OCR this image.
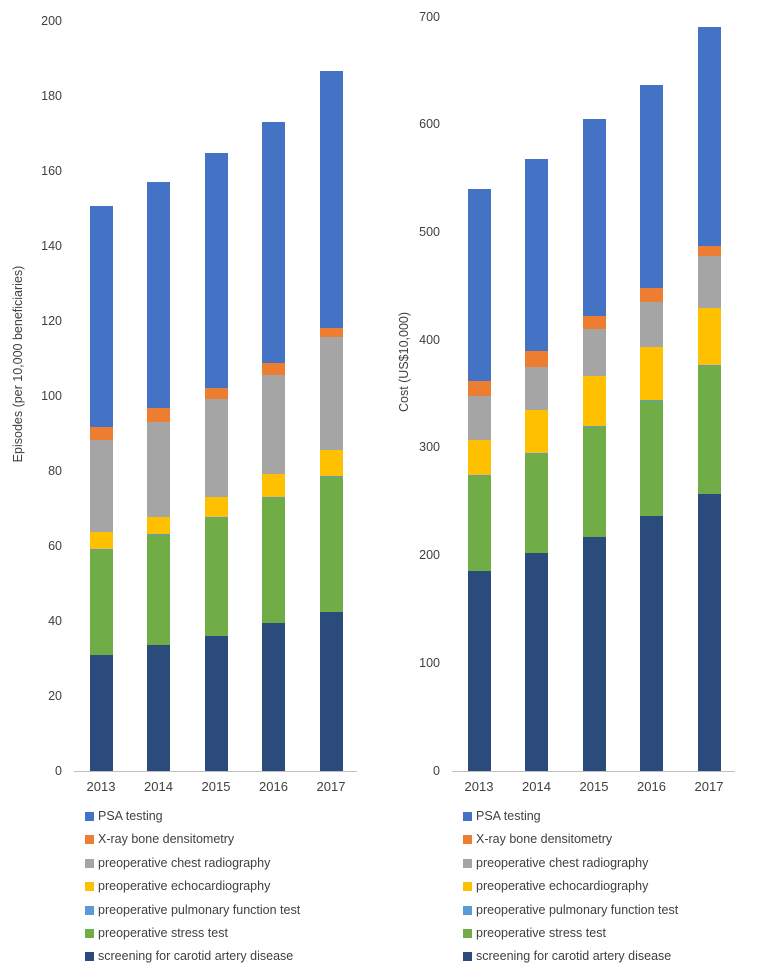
Episodes (per 10,000 beneficiaries)
0
20
40
60
80
100
120
140
160
180
200
2013	2014	2015	2016	2017
PSA testing
X-ray bone densitometry
preoperative chest radiography
preoperative echocardiography
preoperative pulmonary function test
preoperative stress test
screening for carotid artery disease
Cost (US$10,000)
0
100
200
300
400
500
600
700
2013	2014	2015	2016	2017
PSA testing
X-ray bone densitometry
preoperative chest radiography
preoperative echocardiography
preoperative pulmonary function test
preoperative stress test
screening for carotid artery disease
